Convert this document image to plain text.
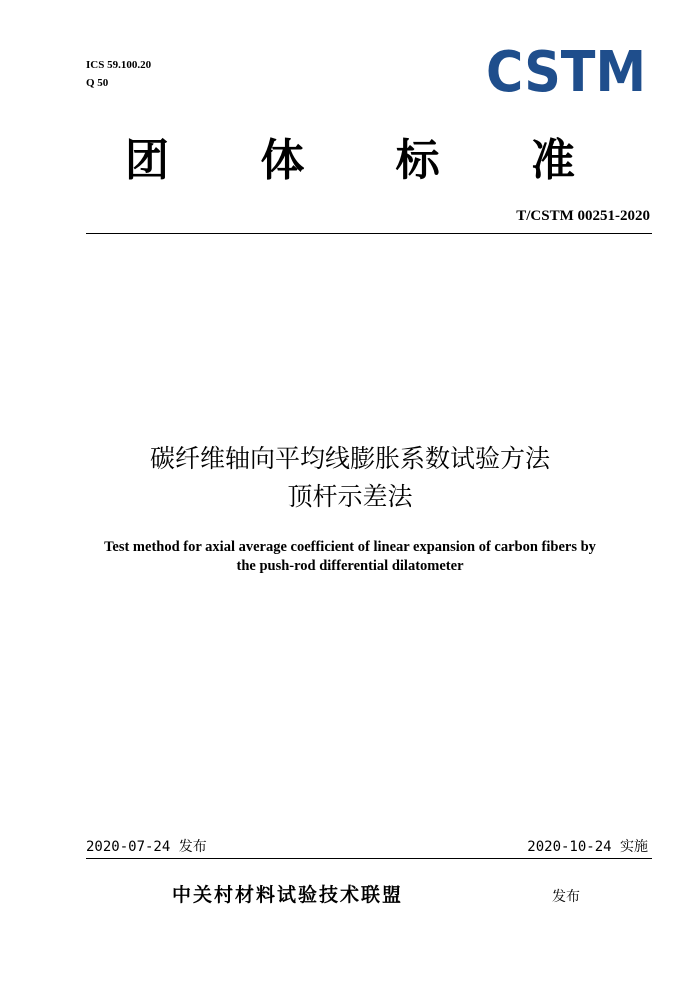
ICS 59.100.20
Q 50	CSTM
团 体 标 准
T/CSTM 00251-2020
碳纤维轴向平均线膨胀系数试验方法
顶杆示差法
Test method for axial average coefficient of linear expansion of carbon fibers by
the push-rod differential dilatometer
2020-07-24 发布	2020-10-24 实施
中关村材料试验技术联盟	发布
